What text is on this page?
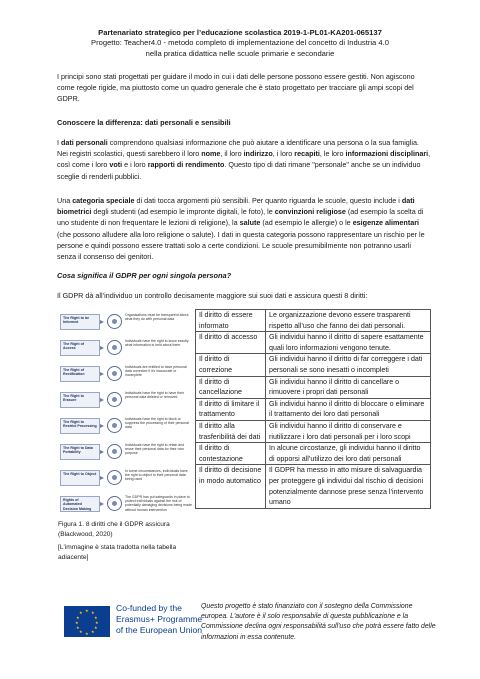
Partenariato strategico per l’educazione scolastica 2019-1-PL01-KA201-065137
Progetto: Teacher4.0 - metodo completo di implementazione del concetto di Industria 4.0
nella pratica didattica nelle scuole primarie e secondarie

I principi sono stati progettati per guidare il modo in cui i dati delle persone possono essere gestiti. Non agiscono come regole rigide, ma piuttosto come un quadro generale che è stato progettato per tracciare gli ampi scopi del GDPR.

Conoscere la differenza: dati personali e sensibili

I dati personali comprendono qualsiasi informazione che può aiutare a identificare una persona o la sua famiglia. Nei registri scolastici, questi sarebbero il loro nome, il loro indirizzo, i loro recapiti, le loro informazioni disciplinari, così come i loro voti e i loro rapporti di rendimento. Questo tipo di dati rimane "personale" anche se un individuo sceglie di renderli pubblici.

Una categoria speciale di dati tocca argomenti più sensibili. Per quanto riguarda le scuole, questo include i dati biometrici degli studenti (ad esempio le impronte digitali, le foto), le convinzioni religiose (ad esempio la scelta di uno studente di non frequentare le lezioni di religione), la salute (ad esempio le allergie) o le esigenze alimentari (che possono alludere alla loro religione o salute). I dati in questa categoria possono rappresentare un rischio per le persone e quindi possono essere trattati solo a certe condizioni. Le scuole presumibilmente non potranno usarli senza il consenso dei genitori.

Cosa significa il GDPR per ogni singola persona?

Il GDPR dà all’individuo un controllo decisamente maggiore sui suoi dati e assicura questi 8 diritti:

The Right to be Informed
Organisations must be transparent about what they do with personal data
The Right of Access
Individuals have the right to know exactly what information is held about them
The Right of Rectification
Individuals are entitled to have personal data corrected if it's inaccurate or incomplete
The Right to Erasure
Individuals have the right to have their personal data deleted or removed
The Right to Restrict Processing
Individuals have the right to block or suppress the processing of their personal data
The Right to Data Portability
Individuals have the right to retain and reuse their personal data for their own purpose
The Right to Object
In some circumstances, individuals have the right to object to their personal data being used
Rights of Automated Decision Making
The GDPR has put safeguards in place to protect individuals against the risk of potentially damaging decisions being made without human intervention
Figura 1. 8 diritti che il GDPR assicura (Blackwood, 2020)
[L'immagine è stata tradotta nella tabella adiacente]
Il diritto di essere informato	Le organizzazione devono essere trasparenti rispetto all’uso che fanno dei dati personali.
Il diritto di accesso	Gli individui hanno il diritto di sapere esattamente quali loro informazioni vengono tenute.
Il diritto di correzione	Gli individui hanno il diritto di far correggere i dati personali se sono inesatti o incompleti
Il diritto di cancellazione	Gli individui hanno il diritto di cancellare o rimuovere i propri dati personali
Il diritto di limitare il trattamento	Gli individui hanno il diritto di bloccare o eliminare il trattamento dei loro dati personali
Il diritto alla trasferibilità dei dati	Gli individui hanno il diritto di conservare e riutilizzare i loro dati personali per i loro scopi
Il diritto di contestazione	In alcune circostanze, gli individui hanno il diritto di opporsi all’utilizzo dei loro dati personali
Il diritto di decisione in modo automatico	Il GDPR ha messo in atto misure di salvaguardia per proteggere gli individui dal rischio di decisioni potenzialmente dannose prese senza l’intervento umano
★ ★
★
★
★
★
★
★
★
★
★
★	Co-funded by the
Erasmus+ Programme
of the European Union

Questo progetto è stato finanziato con il sostegno della Commissione europea. L'autore è il solo responsabile di questa pubblicazione e la Commissione declina ogni responsabilità sull'uso che potrà essere fatto delle informazioni in essa contenute.
